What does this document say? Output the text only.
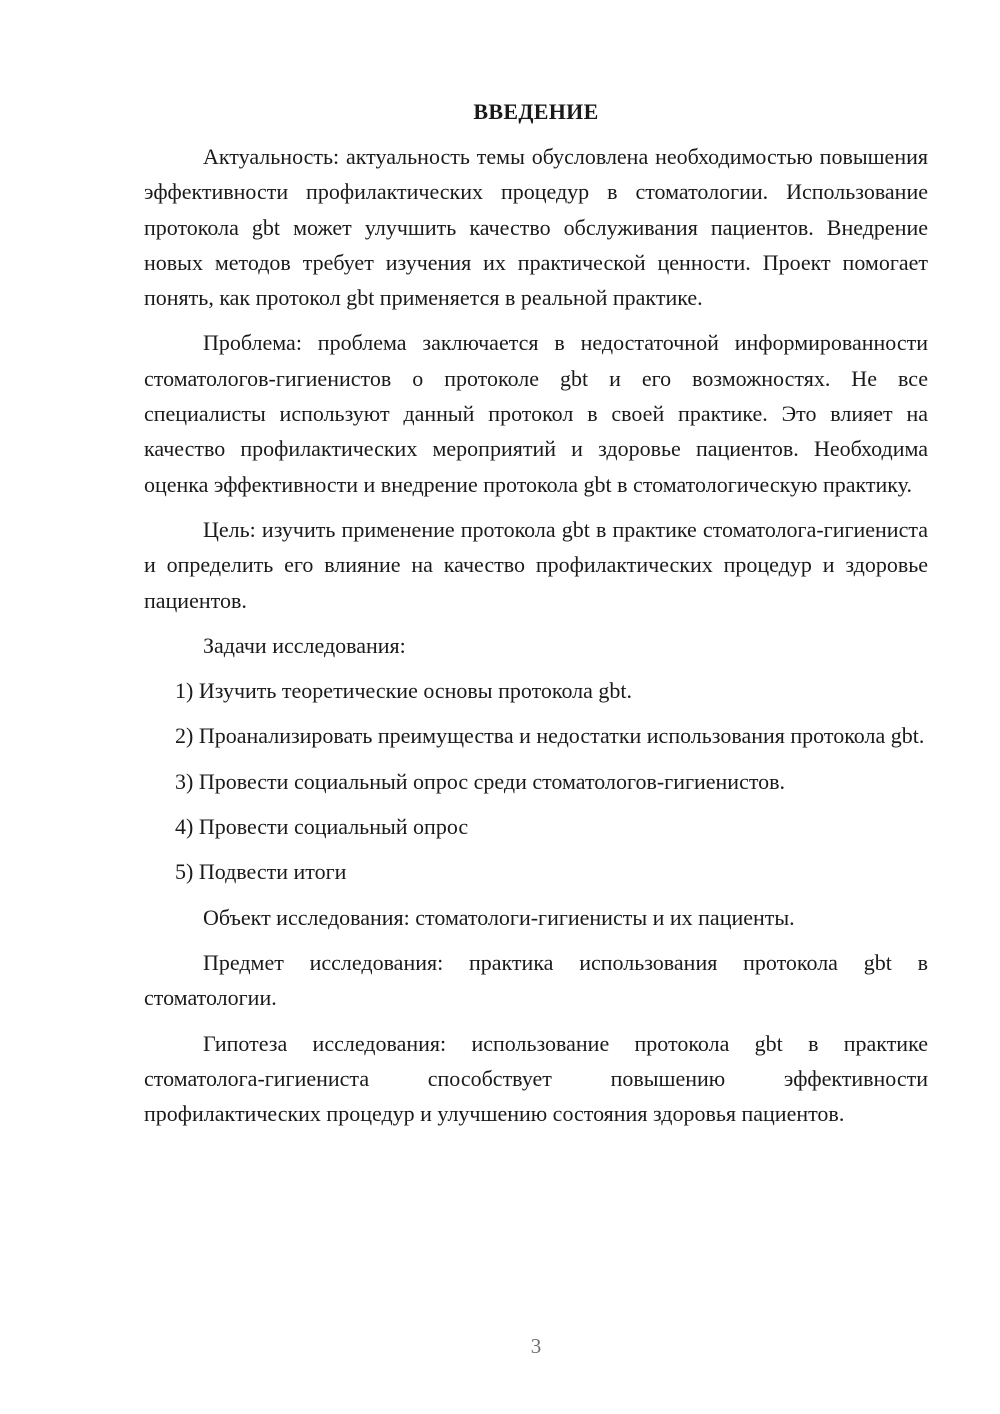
ВВЕДЕНИЕ

Актуальность: актуальность темы обусловлена необходимостью повышения эффективности профилактических процедур в стоматологии. Использование протокола gbt может улучшить качество обслуживания пациентов. Внедрение новых методов требует изучения их практической ценности. Проект помогает понять, как протокол gbt применяется в реальной практике.

Проблема: проблема заключается в недостаточной информированности стоматологов-гигиенистов о протоколе gbt и его возможностях. Не все специалисты используют данный протокол в своей практике. Это влияет на качество профилактических мероприятий и здоровье пациентов. Необходима оценка эффективности и внедрение протокола gbt в стоматологическую практику.

Цель: изучить применение протокола gbt в практике стоматолога-гигиениста и определить его влияние на качество профилактических процедур и здоровье пациентов.

Задачи исследования:

1) Изучить теоретические основы протокола gbt.

2) Проанализировать преимущества и недостатки использования протокола gbt.

3) Провести социальный опрос среди стоматологов-гигиенистов.

4) Провести социальный опрос

5) Подвести итоги

Объект исследования: стоматологи-гигиенисты и их пациенты.

Предмет исследования: практика использования протокола gbt в стоматологии.

Гипотеза исследования: использование протокола gbt в практике стоматолога-гигиениста способствует повышению эффективности профилактических процедур и улучшению состояния здоровья пациентов.

3
